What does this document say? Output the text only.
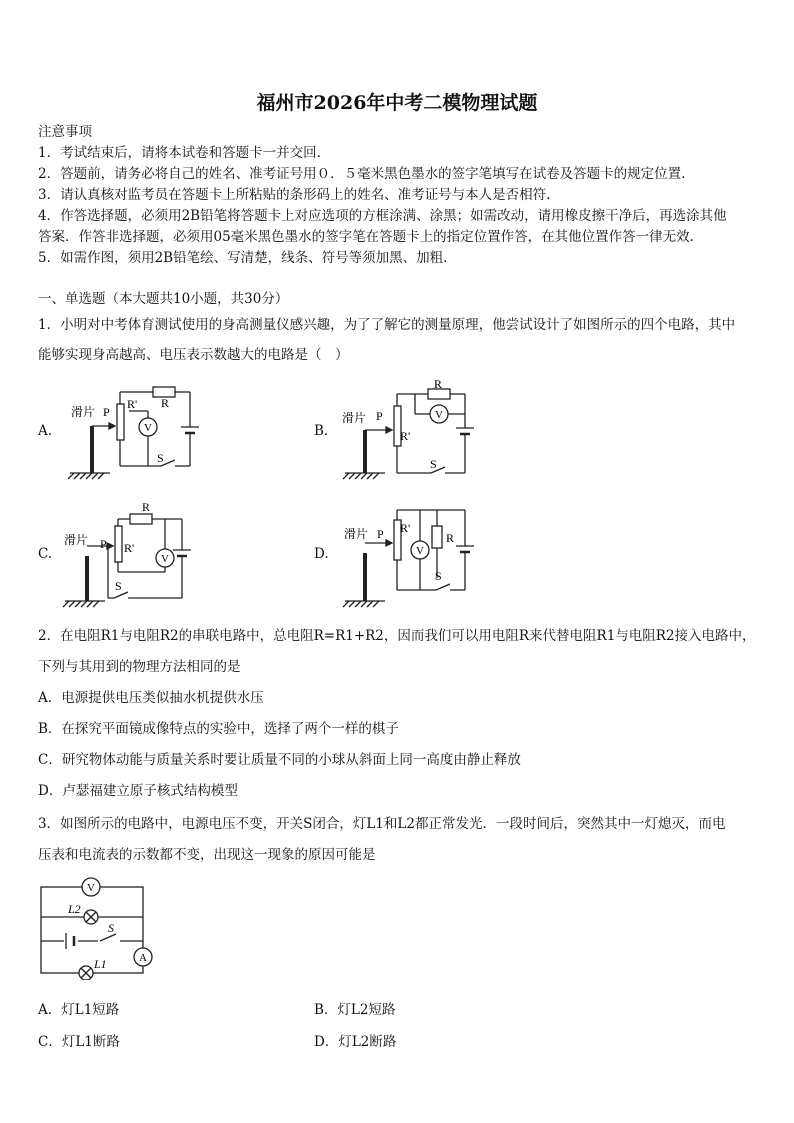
福州市2026年中考二模物理试题
注意事项
1．考试结束后，请将本试卷和答题卡一并交回.
2．答题前，请务必将自己的姓名、准考证号用０．５毫米黑色墨水的签字笔填写在试卷及答题卡的规定位置.
3．请认真核对监考员在答题卡上所粘贴的条形码上的姓名、准考证号与本人是否相符.
4．作答选择题，必须用2B铅笔将答题卡上对应选项的方框涂满、涂黑；如需改动，请用橡皮擦干净后，再选涂其他
答案．作答非选择题，必须用05毫米黑色墨水的签字笔在答题卡上的指定位置作答，在其他位置作答一律无效.
5．如需作图，须用2B铅笔绘、写清楚，线条、符号等须加黑、加粗.
一、单选题（本大题共10小题，共30分）
1．小明对中考体育测试使用的身高测量仪感兴趣，为了了解它的测量原理，他尝试设计了如图所示的四个电路，其中
能够实现身高越高、电压表示数越大的电路是（　）
A.	B.
C.	D.
滑片 P
R' R
V
S
滑片 P
R'
R
V
S
滑片 P R'
R
V
S
滑片 P R'
R
V
S
2．在电阻R1与电阻R2的串联电路中，总电阻R=R1+R2，因而我们可以用电阻R来代替电阻R1与电阻R2接入电路中，
下列与其用到的物理方法相同的是
A．电源提供电压类似抽水机提供水压
B．在探究平面镜成像特点的实验中，选择了两个一样的棋子
C．研究物体动能与质量关系时要让质量不同的小球从斜面上同一高度由静止释放
D．卢瑟福建立原子核式结构模型
3．如图所示的电路中，电源电压不变，开关S闭合，灯L1和L2都正常发光．一段时间后，突然其中一灯熄灭，而电
压表和电流表的示数都不变，出现这一现象的原因可能是
V
A
S
L2
L1
A．灯L1短路	B．灯L2短路
C．灯L1断路	D．灯L2断路
